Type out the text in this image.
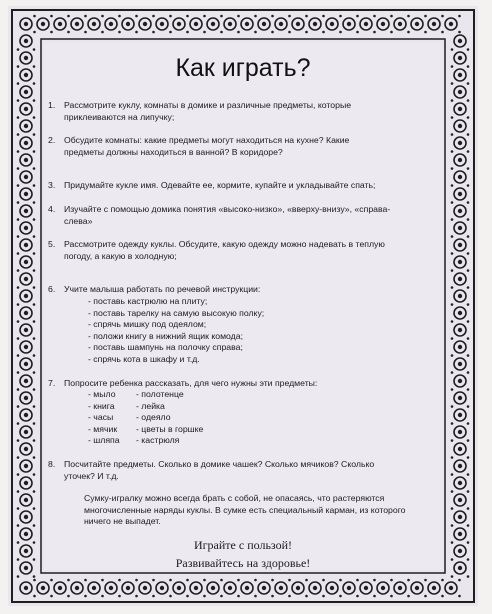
Как играть?
1.	Рассмотрите куклу, комнаты в домике и различные предметы, которые
приклеиваются на липучку;
2.	Обсудите комнаты: какие предметы могут находиться на кухне? Какие
предметы должны находиться в ванной? В коридоре?
3.	Придумайте кукле имя. Одевайте ее, кормите, купайте и укладывайте спать;
4.	Изучайте с помощью домика понятия «высоко-низко», «вверху-внизу», «справа-
слева»
5.	Рассмотрите одежду куклы. Обсудите, какую одежду можно надевать в теплую
погоду, а какую в холодную;
6.	Учите малыша работать по речевой инструкции:
- поставь кастрюлю на плиту;
- поставь тарелку на самую высокую полку;
- спрячь мишку под одеялом;
- положи книгу в нижний ящик комода;
- поставь шампунь на полочку справа;
- спрячь кота в шкафу и т.д.
7.	Попросите ребенка рассказать, для чего нужны эти предметы:
- мыло	- полотенце
- книга	- лейка
- часы	- одеяло
- мячик	- цветы в горшке
- шляпа	- кастрюля
8.	Посчитайте предметы. Сколько в домике чашек? Сколько мячиков? Сколько
уточек? И т.д.
Сумку-игралку можно всегда брать с собой, не опасаясь, что растеряются
многочисленные наряды куклы. В сумке есть специальный карман, из которого
ничего не выпадет.
Играйте с пользой!
Развивайтесь на здоровье!
